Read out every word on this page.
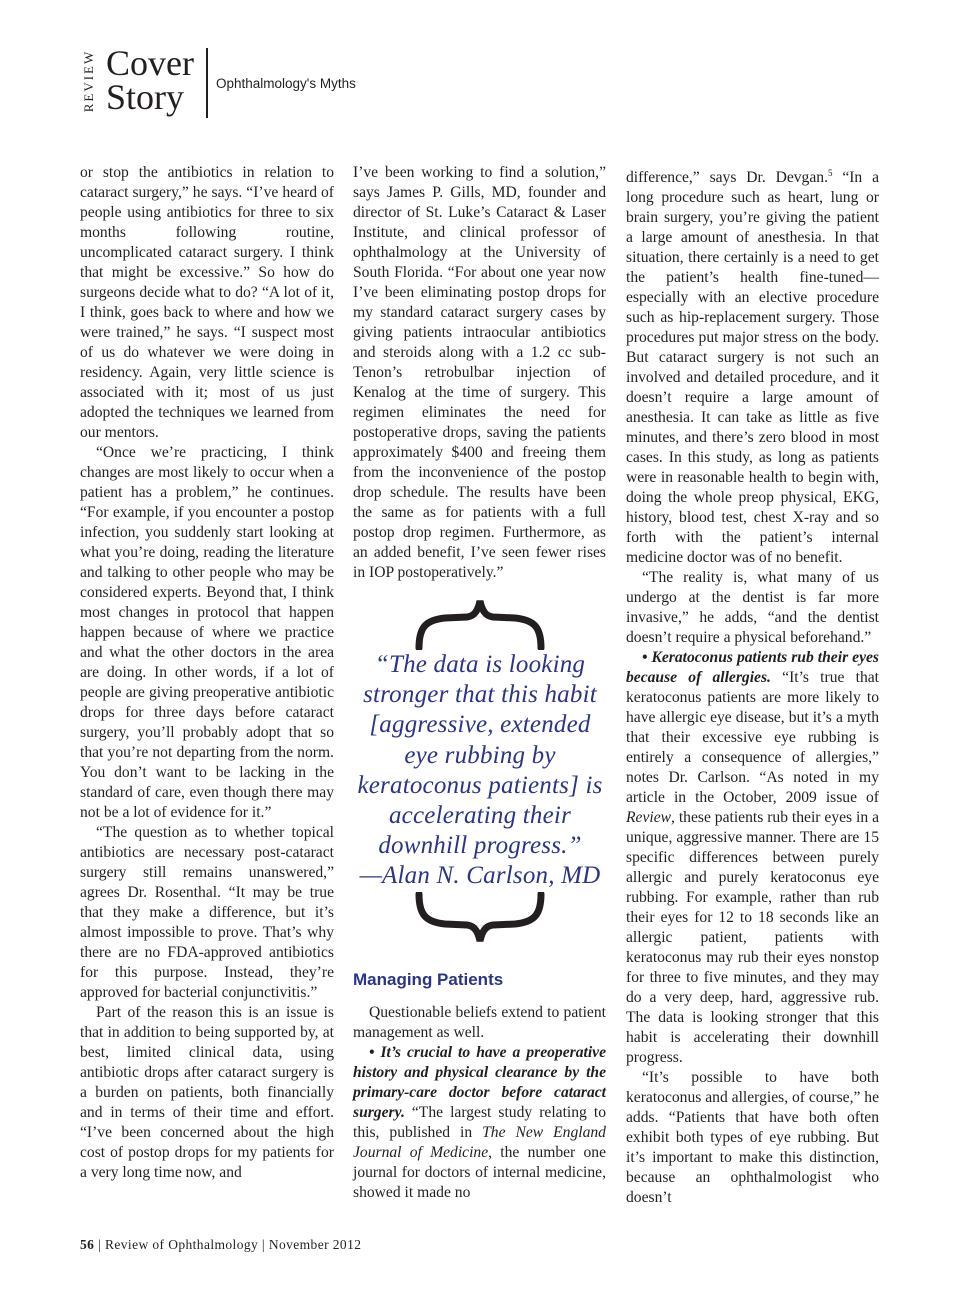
REVIEW Cover
Story	Ophthalmology's Myths

or stop the antibiotics in relation to cataract surgery,” he says. “I’ve heard of people using antibiotics for three to six months following routine, uncomplicated cataract surgery. I think that might be excessive.” So how do surgeons decide what to do? “A lot of it, I think, goes back to where and how we were trained,” he says. “I suspect most of us do whatever we were doing in residency. Again, very little science is associated with it; most of us just adopted the techniques we learned from our mentors.

“Once we’re practicing, I think changes are most likely to occur when a patient has a problem,” he continues. “For example, if you encounter a postop infection, you suddenly start looking at what you’re doing, reading the literature and talking to other people who may be considered experts. Beyond that, I think most changes in protocol that happen happen because of where we practice and what the other doctors in the area are doing. In other words, if a lot of people are giving preoperative antibiotic drops for three days before cataract surgery, you’ll probably adopt that so that you’re not departing from the norm. You don’t want to be lacking in the standard of care, even though there may not be a lot of evidence for it.”

“The question as to whether topical antibiotics are necessary post-cataract surgery still remains unanswered,” agrees Dr. Rosenthal. “It may be true that they make a difference, but it’s almost impossible to prove. That’s why there are no FDA-approved antibiotics for this purpose. Instead, they’re approved for bacterial conjunctivitis.”

Part of the reason this is an issue is that in addition to being supported by, at best, limited clinical data, using antibiotic drops after cataract surgery is a burden on patients, both financially and in terms of their time and effort. “I’ve been concerned about the high cost of postop drops for my patients for a very long time now, and

I’ve been working to find a solution,” says James P. Gills, MD, founder and director of St. Luke’s Cataract & Laser Institute, and clinical professor of ophthalmology at the University of South Florida. “For about one year now I’ve been eliminating postop drops for my standard cataract surgery cases by giving patients intraocular antibiotics and steroids along with a 1.2 cc sub-Tenon’s retrobulbar injection of Kenalog at the time of surgery. This regimen eliminates the need for postoperative drops, saving the patients approximately $400 and freeing them from the inconvenience of the postop drop schedule. The results have been the same as for patients with a full postop drop regimen. Furthermore, as an added benefit, I’ve seen fewer rises in IOP postoperatively.”

“The data is looking stronger that this habit [aggressive, extended eye rubbing by keratoconus patients] is accelerating their downhill progress.”
—Alan N. Carlson, MD

Managing Patients

Questionable beliefs extend to patient management as well.

• It’s crucial to have a preoperative history and physical clearance by the primary-care doctor before cataract surgery. “The largest study relating to this, published in The New England Journal of Medicine, the number one journal for doctors of internal medicine, showed it made no

difference,” says Dr. Devgan.$^5$ “In a long procedure such as heart, lung or brain surgery, you’re giving the patient a large amount of anesthesia. In that situation, there certainly is a need to get the patient’s health fine-tuned—especially with an elective procedure such as hip-replacement surgery. Those procedures put major stress on the body. But cataract surgery is not such an involved and detailed procedure, and it doesn’t require a large amount of anesthesia. It can take as little as five minutes, and there’s zero blood in most cases. In this study, as long as patients were in reasonable health to begin with, doing the whole preop physical, EKG, history, blood test, chest X-ray and so forth with the patient’s internal medicine doctor was of no benefit.

“The reality is, what many of us undergo at the dentist is far more invasive,” he adds, “and the dentist doesn’t require a physical beforehand.”

• Keratoconus patients rub their eyes because of allergies. “It’s true that keratoconus patients are more likely to have allergic eye disease, but it’s a myth that their excessive eye rubbing is entirely a consequence of allergies,” notes Dr. Carlson. “As noted in my article in the October, 2009 issue of Review, these patients rub their eyes in a unique, aggressive manner. There are 15 specific differences between purely allergic and purely keratoconus eye rubbing. For example, rather than rub their eyes for 12 to 18 seconds like an allergic patient, patients with keratoconus may rub their eyes nonstop for three to five minutes, and they may do a very deep, hard, aggressive rub. The data is looking stronger that this habit is accelerating their downhill progress.

“It’s possible to have both keratoconus and allergies, of course,” he adds. “Patients that have both often exhibit both types of eye rubbing. But it’s important to make this distinction, because an ophthalmologist who doesn’t

56 | Review of Ophthalmology | November 2012
